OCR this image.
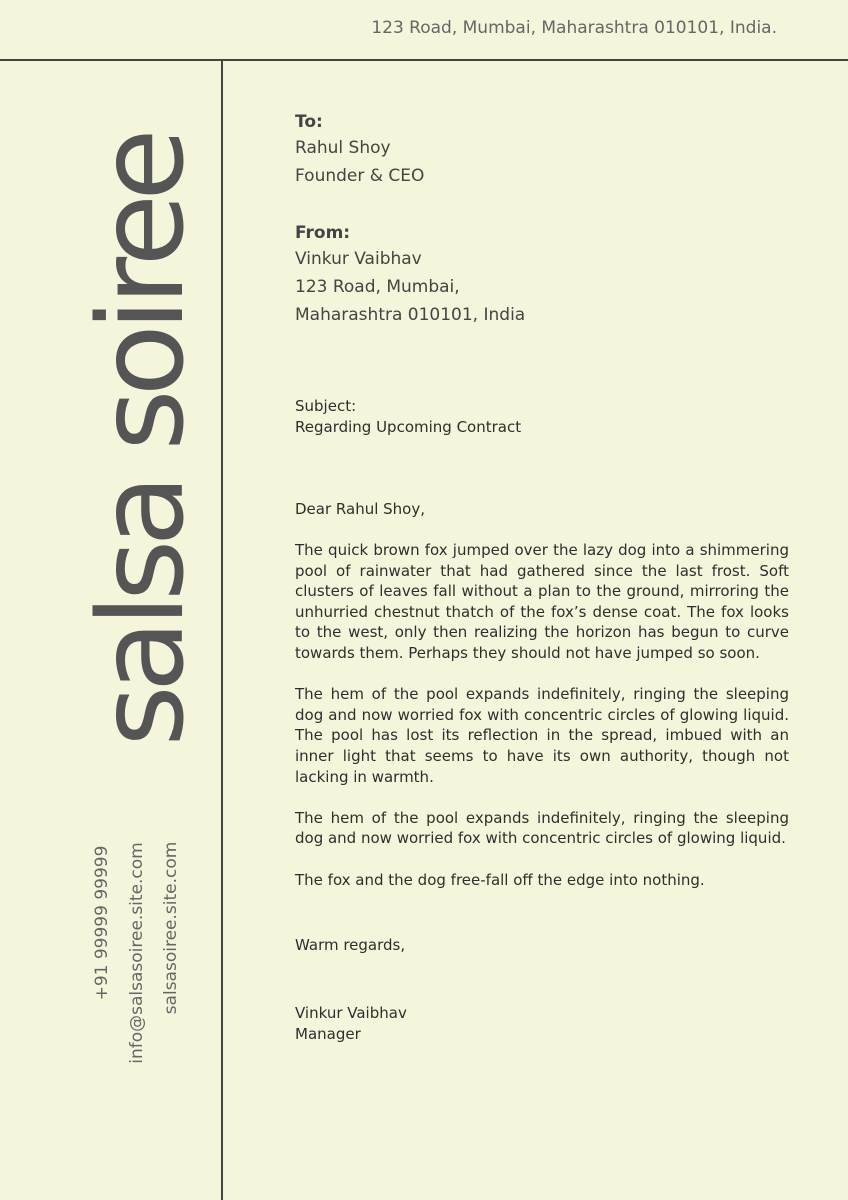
123 Road, Mumbai, Maharashtra 010101, India.
salsa soiree
+91 99999 99999 info@salsasoiree.site.com salsasoiree.site.com
To:
Rahul Shoy
Founder & CEO
From:
Vinkur Vaibhav
123 Road, Mumbai,
Maharashtra 010101, India
Subject:
Regarding Upcoming Contract
Dear Rahul Shoy,

The quick brown fox jumped over the lazy dog into a shimmering pool of rainwater that had gathered since the last frost. Soft clusters of leaves fall without a plan to the ground, mirroring the unhurried chestnut thatch of the fox’s dense coat. The fox looks to the west, only then realizing the horizon has begun to curve towards them. Perhaps they should not have jumped so soon.

The hem of the pool expands indefinitely, ringing the sleeping dog and now worried fox with concentric circles of glowing liquid. The pool has lost its reflection in the spread, imbued with an inner light that seems to have its own authority, though not lacking in warmth.

The hem of the pool expands indefinitely, ringing the sleeping dog and now worried fox with concentric circles of glowing liquid.

The fox and the dog free-fall off the edge into nothing.

Warm regards,
Vinkur Vaibhav
Manager
